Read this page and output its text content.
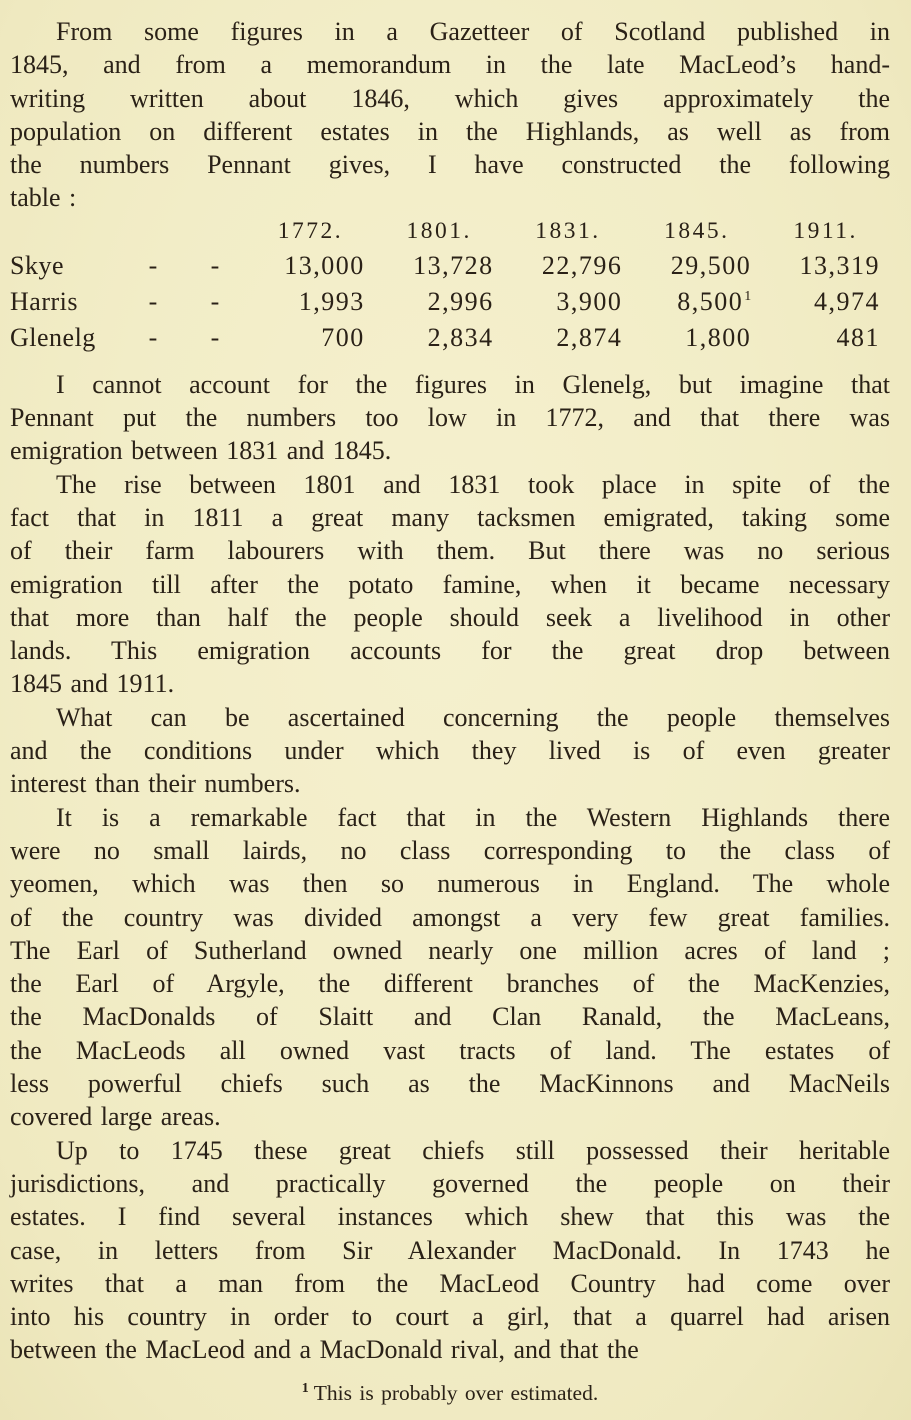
From some figures in a Gazetteer of Scotland published in
1845, and from a memorandum in the late MacLeod’s hand-
writing written about 1846, which gives approximately the
population on different estates in the Highlands, as well as from
the numbers Pennant gives, I have constructed the following
table :
			1772.	1801.	1831.	1845.	1911.
Skye	-	-	13,000	13,728	22,796	29,500	13,319
Harris	-	-	1,993	2,996	3,900	8,500$^1$	4,974
Glenelg	-	-	700	2,834	2,874	1,800	481
I cannot account for the figures in Glenelg, but imagine that
Pennant put the numbers too low in 1772, and that there was
emigration between 1831 and 1845.
The rise between 1801 and 1831 took place in spite of the
fact that in 1811 a great many tacksmen emigrated, taking some
of their farm labourers with them. But there was no serious
emigration till after the potato famine, when it became necessary
that more than half the people should seek a livelihood in other
lands. This emigration accounts for the great drop between
1845 and 1911.
What can be ascertained concerning the people themselves
and the conditions under which they lived is of even greater
interest than their numbers.
It is a remarkable fact that in the Western Highlands there
were no small lairds, no class corresponding to the class of
yeomen, which was then so numerous in England. The whole
of the country was divided amongst a very few great families.
The Earl of Sutherland owned nearly one million acres of land ;
the Earl of Argyle, the different branches of the MacKenzies,
the MacDonalds of Slaitt and Clan Ranald, the MacLeans,
the MacLeods all owned vast tracts of land. The estates of
less powerful chiefs such as the MacKinnons and MacNeils
covered large areas.
Up to 1745 these great chiefs still possessed their heritable
jurisdictions, and practically governed the people on their
estates. I find several instances which shew that this was the
case, in letters from Sir Alexander MacDonald. In 1743 he
writes that a man from the MacLeod Country had come over
into his country in order to court a girl, that a quarrel had arisen
between the MacLeod and a MacDonald rival, and that the
$^1$ This is probably over estimated.
